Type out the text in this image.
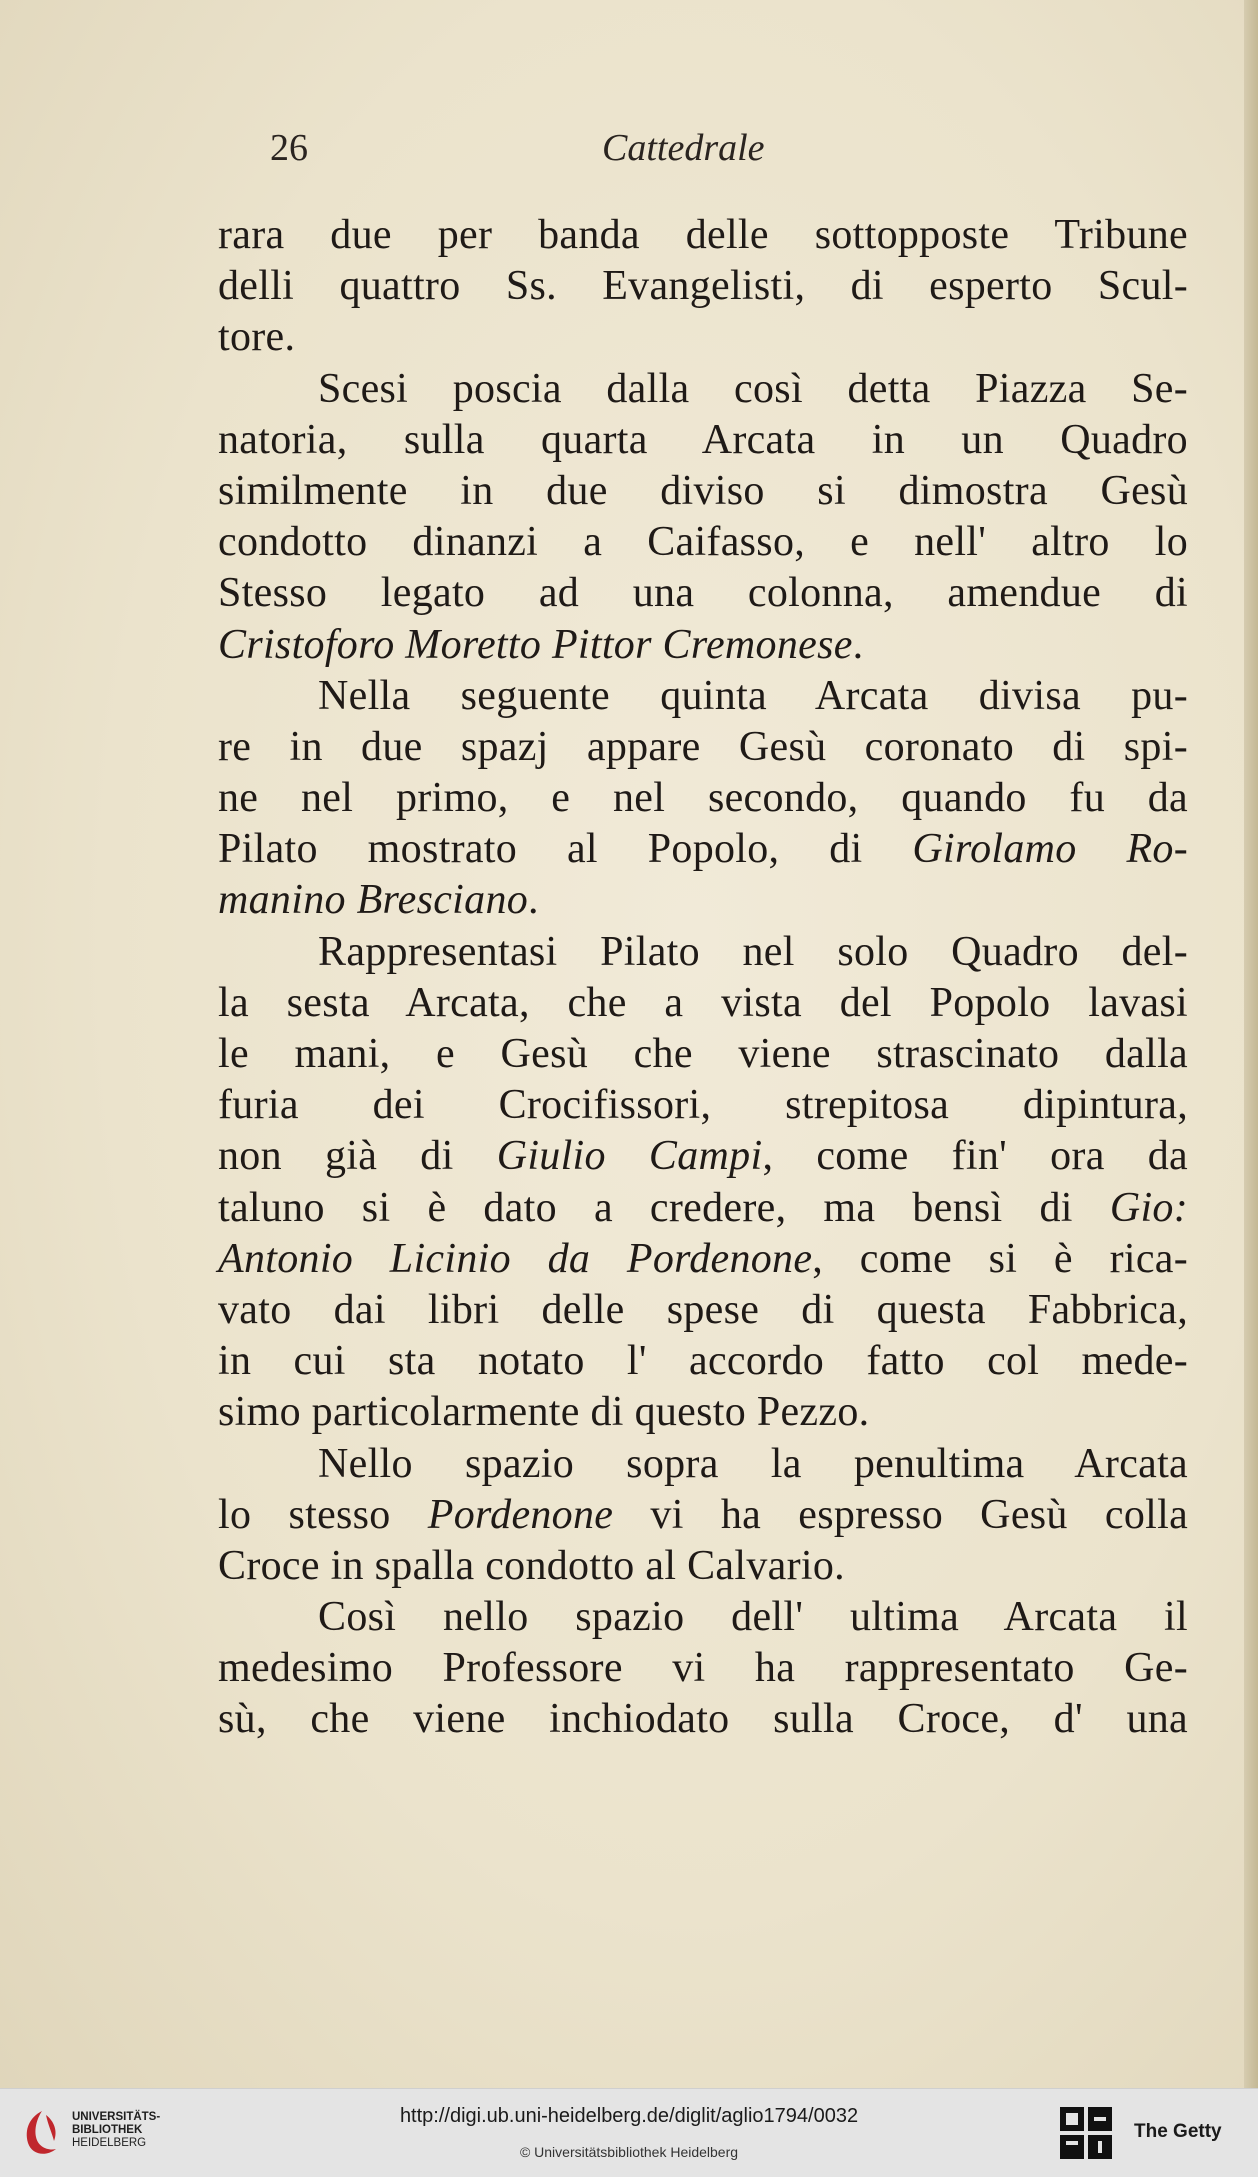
26	Cattedrale
rara due per banda delle sottopposte Tribune
delli quattro Ss. Evangelisti, di esperto Scul-
tore.
Scesi poscia dalla così detta Piazza Se-
natoria, sulla quarta Arcata in un Quadro
similmente in due diviso si dimostra Gesù
condotto dinanzi a Caifasso, e nell' altro lo
Stesso legato ad una colonna, amendue di
Cristoforo Moretto Pittor Cremonese.
Nella seguente quinta Arcata divisa pu-
re in due spazj appare Gesù coronato di spi-
ne nel primo, e nel secondo, quando fu da
Pilato mostrato al Popolo, di Girolamo Ro-
manino Bresciano.
Rappresentasi Pilato nel solo Quadro del-
la sesta Arcata, che a vista del Popolo lavasi
le mani, e Gesù che viene strascinato dalla
furia dei Crocifissori, strepitosa dipintura,
non già di Giulio Campi, come fin' ora da
taluno si è dato a credere, ma bensì di Gio:
Antonio Licinio da Pordenone, come si è rica-
vato dai libri delle spese di questa Fabbrica,
in cui sta notato l' accordo fatto col mede-
simo particolarmente di questo Pezzo.
Nello spazio sopra la penultima Arcata
lo stesso Pordenone vi ha espresso Gesù colla
Croce in spalla condotto al Calvario.
Così nello spazio dell' ultima Arcata il
medesimo Professore vi ha rappresentato Ge-
sù, che viene inchiodato sulla Croce, d' una
UNIVERSITÄTS-
BIBLIOTHEK
HEIDELBERG
http://digi.ub.uni-heidelberg.de/diglit/aglio1794/0032
© Universitätsbibliothek Heidelberg
The Getty
